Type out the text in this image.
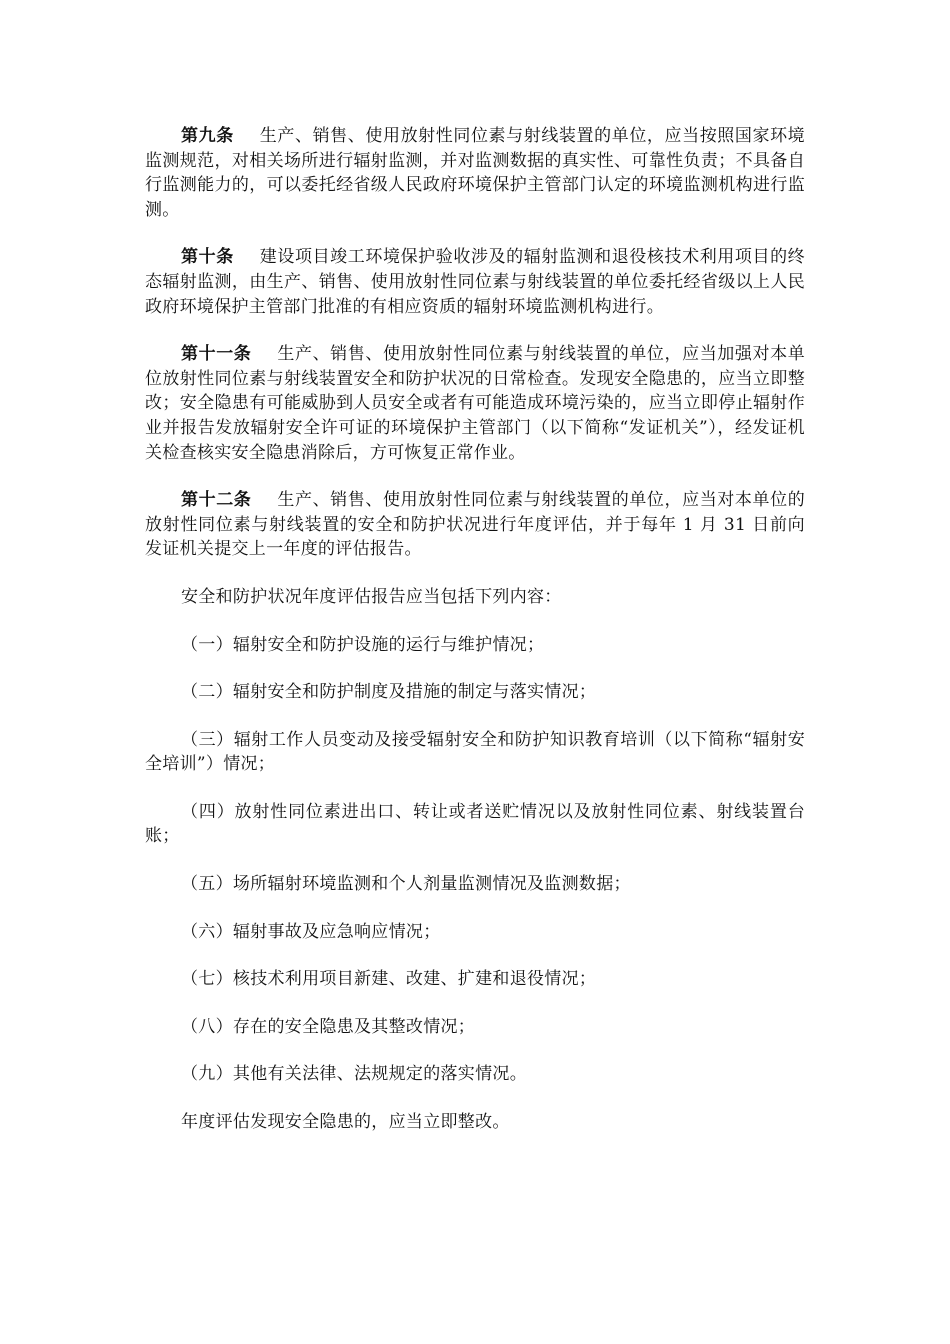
第九条 生产、销售、使用放射性同位素与射线装置的单位，应当按照国家环境监测规范，对相关场所进行辐射监测，并对监测数据的真实性、可靠性负责；不具备自行监测能力的，可以委托经省级人民政府环境保护主管部门认定的环境监测机构进行监测。

第十条 建设项目竣工环境保护验收涉及的辐射监测和退役核技术利用项目的终态辐射监测，由生产、销售、使用放射性同位素与射线装置的单位委托经省级以上人民政府环境保护主管部门批准的有相应资质的辐射环境监测机构进行。

第十一条 生产、销售、使用放射性同位素与射线装置的单位，应当加强对本单位放射性同位素与射线装置安全和防护状况的日常检查。发现安全隐患的，应当立即整改；安全隐患有可能威胁到人员安全或者有可能造成环境污染的，应当立即停止辐射作业并报告发放辐射安全许可证的环境保护主管部门（以下简称“发证机关”），经发证机关检查核实安全隐患消除后，方可恢复正常作业。

第十二条 生产、销售、使用放射性同位素与射线装置的单位，应当对本单位的放射性同位素与射线装置的安全和防护状况进行年度评估，并于每年 1 月 31 日前向发证机关提交上一年度的评估报告。

安全和防护状况年度评估报告应当包括下列内容：

（一）辐射安全和防护设施的运行与维护情况；

（二）辐射安全和防护制度及措施的制定与落实情况；

（三）辐射工作人员变动及接受辐射安全和防护知识教育培训（以下简称“辐射安全培训”）情况；

（四）放射性同位素进出口、转让或者送贮情况以及放射性同位素、射线装置台账；

（五）场所辐射环境监测和个人剂量监测情况及监测数据；

（六）辐射事故及应急响应情况；

（七）核技术利用项目新建、改建、扩建和退役情况；

（八）存在的安全隐患及其整改情况；

（九）其他有关法律、法规规定的落实情况。

年度评估发现安全隐患的，应当立即整改。
